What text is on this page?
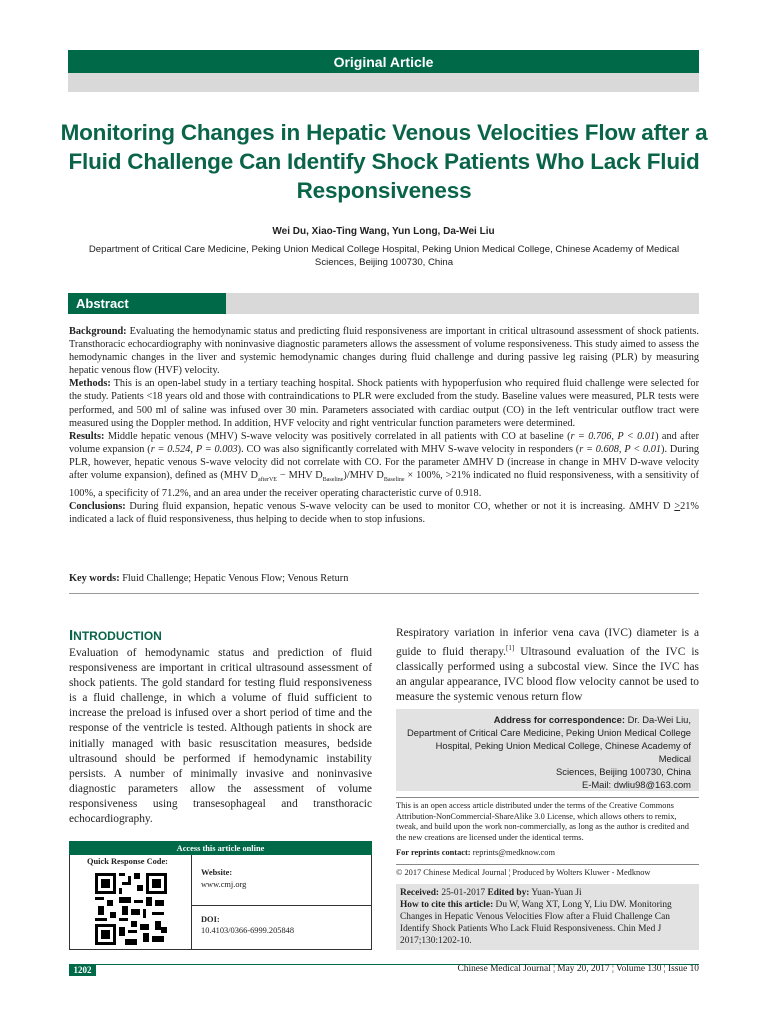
Original Article
Monitoring Changes in Hepatic Venous Velocities Flow after a Fluid Challenge Can Identify Shock Patients Who Lack Fluid Responsiveness
Wei Du, Xiao-Ting Wang, Yun Long, Da-Wei Liu
Department of Critical Care Medicine, Peking Union Medical College Hospital, Peking Union Medical College, Chinese Academy of Medical Sciences, Beijing 100730, China
Abstract

Background: Evaluating the hemodynamic status and predicting fluid responsiveness are important in critical ultrasound assessment of shock patients. Transthoracic echocardiography with noninvasive diagnostic parameters allows the assessment of volume responsiveness. This study aimed to assess the hemodynamic changes in the liver and systemic hemodynamic changes during fluid challenge and during passive leg raising (PLR) by measuring hepatic venous flow (HVF) velocity.

Methods: This is an open-label study in a tertiary teaching hospital. Shock patients with hypoperfusion who required fluid challenge were selected for the study. Patients <18 years old and those with contraindications to PLR were excluded from the study. Baseline values were measured, PLR tests were performed, and 500 ml of saline was infused over 30 min. Parameters associated with cardiac output (CO) in the left ventricular outflow tract were measured using the Doppler method. In addition, HVF velocity and right ventricular function parameters were determined.

Results: Middle hepatic venous (MHV) S-wave velocity was positively correlated in all patients with CO at baseline (r = 0.706, P < 0.01) and after volume expansion (r = 0.524, P = 0.003). CO was also significantly correlated with MHV S-wave velocity in responders (r = 0.608, P < 0.01). During PLR, however, hepatic venous S-wave velocity did not correlate with CO. For the parameter ΔMHV D (increase in change in MHV D-wave velocity after volume expansion), defined as (MHV $D_{afterVE}$ − MHV $D_{Baseline}$)/MHV $D_{Baseline} \times 100\%$, >21% indicated no fluid responsiveness, with a sensitivity of 100%, a specificity of 71.2%, and an area under the receiver operating characteristic curve of 0.918.

Conclusions: During fluid expansion, hepatic venous S-wave velocity can be used to monitor CO, whether or not it is increasing. ΔMHV D >21% indicated a lack of fluid responsiveness, thus helping to decide when to stop infusions.

Key words: Fluid Challenge; Hepatic Venous Flow; Venous Return
INTRODUCTION
Evaluation of hemodynamic status and prediction of fluid responsiveness are important in critical ultrasound assessment of shock patients. The gold standard for testing fluid responsiveness is a fluid challenge, in which a volume of fluid sufficient to increase the preload is infused over a short period of time and the response of the ventricle is tested. Although patients in shock are initially managed with basic resuscitation measures, bedside ultrasound should be performed if hemodynamic instability persists. A number of minimally invasive and noninvasive diagnostic parameters allow the assessment of volume responsiveness using transesophageal and transthoracic echocardiography.
Respiratory variation in inferior vena cava (IVC) diameter is a guide to fluid therapy.[1] Ultrasound evaluation of the IVC is classically performed using a subcostal view. Since the IVC has an angular appearance, IVC blood flow velocity cannot be used to measure the systemic venous return flow
Address for correspondence: Dr. Da-Wei Liu,
Department of Critical Care Medicine, Peking Union Medical College
Hospital, Peking Union Medical College, Chinese Academy of Medical
Sciences, Beijing 100730, China
E-Mail: dwliu98@163.com
This is an open access article distributed under the terms of the Creative Commons Attribution-NonCommercial-ShareAlike 3.0 License, which allows others to remix, tweak, and build upon the work non-commercially, as long as the author is credited and the new creations are licensed under the identical terms.
For reprints contact: reprints@medknow.com
© 2017 Chinese Medical Journal ¦ Produced by Wolters Kluwer - Medknow
Received: 25-01-2017 Edited by: Yuan-Yuan Ji
How to cite this article: Du W, Wang XT, Long Y, Liu DW. Monitoring Changes in Hepatic Venous Velocities Flow after a Fluid Challenge Can Identify Shock Patients Who Lack Fluid Responsiveness. Chin Med J 2017;130:1202-10.
Access this article online
Quick Response Code:
Website:
www.cmj.org
DOI:
10.4103/0366-6999.205848
1202	Chinese Medical Journal ¦ May 20, 2017 ¦ Volume 130 ¦ Issue 10
